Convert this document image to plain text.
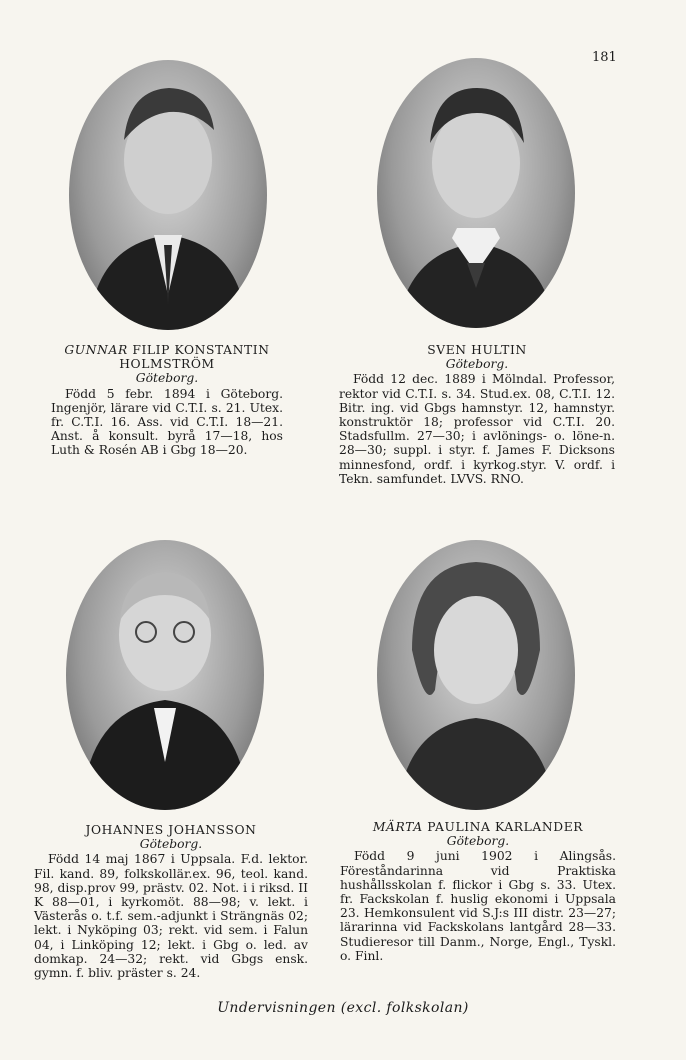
181
GUNNAR FILIP KONSTANTIN HOLMSTRÖM
Göteborg.
Född 5 febr. 1894 i Göteborg. Ingenjör, lärare vid C.T.I. s. 21. Utex. fr. C.T.I. 16. Ass. vid C.T.I. 18—21. Anst. å konsult. byrå 17—18, hos Luth & Rosén AB i Gbg 18—20.
SVEN HULTIN
Göteborg.
Född 12 dec. 1889 i Mölndal. Professor, rektor vid C.T.I. s. 34. Stud.ex. 08, C.T.I. 12. Bitr. ing. vid Gbgs hamnstyr. 12, hamnstyr. konstruktör 18; professor vid C.T.I. 20. Stadsfullm. 27—30; i avlönings- o. löne-n. 28—30; suppl. i styr. f. James F. Dicksons minnesfond, ordf. i kyrkog.styr. V. ordf. i Tekn. samfundet. LVVS. RNO.
JOHANNES JOHANSSON
Göteborg.
Född 14 maj 1867 i Uppsala. F.d. lektor. Fil. kand. 89, folkskollär.ex. 96, teol. kand. 98, disp.prov 99, prästv. 02. Not. i i riksd. II K 88—01, i kyrkomöt. 88—98; v. lekt. i Västerås o. t.f. sem.-adjunkt i Strängnäs 02; lekt. i Nyköping 03; rekt. vid sem. i Falun 04, i Linköping 12; lekt. i Gbg o. led. av domkap. 24—32; rekt. vid Gbgs ensk. gymn. f. bliv. präster s. 24.
MÄRTA PAULINA KARLANDER
Göteborg.
Född 9 juni 1902 i Alingsås. Föreståndarinna vid Praktiska hushållsskolan f. flickor i Gbg s. 33. Utex. fr. Fackskolan f. huslig ekonomi i Uppsala 23. Hemkonsulent vid S.J:s III distr. 23—27; lärarinna vid Fackskolans lantgård 28—33. Studieresor till Danm., Norge, Engl., Tyskl. o. Finl.
Undervisningen (excl. folkskolan)
